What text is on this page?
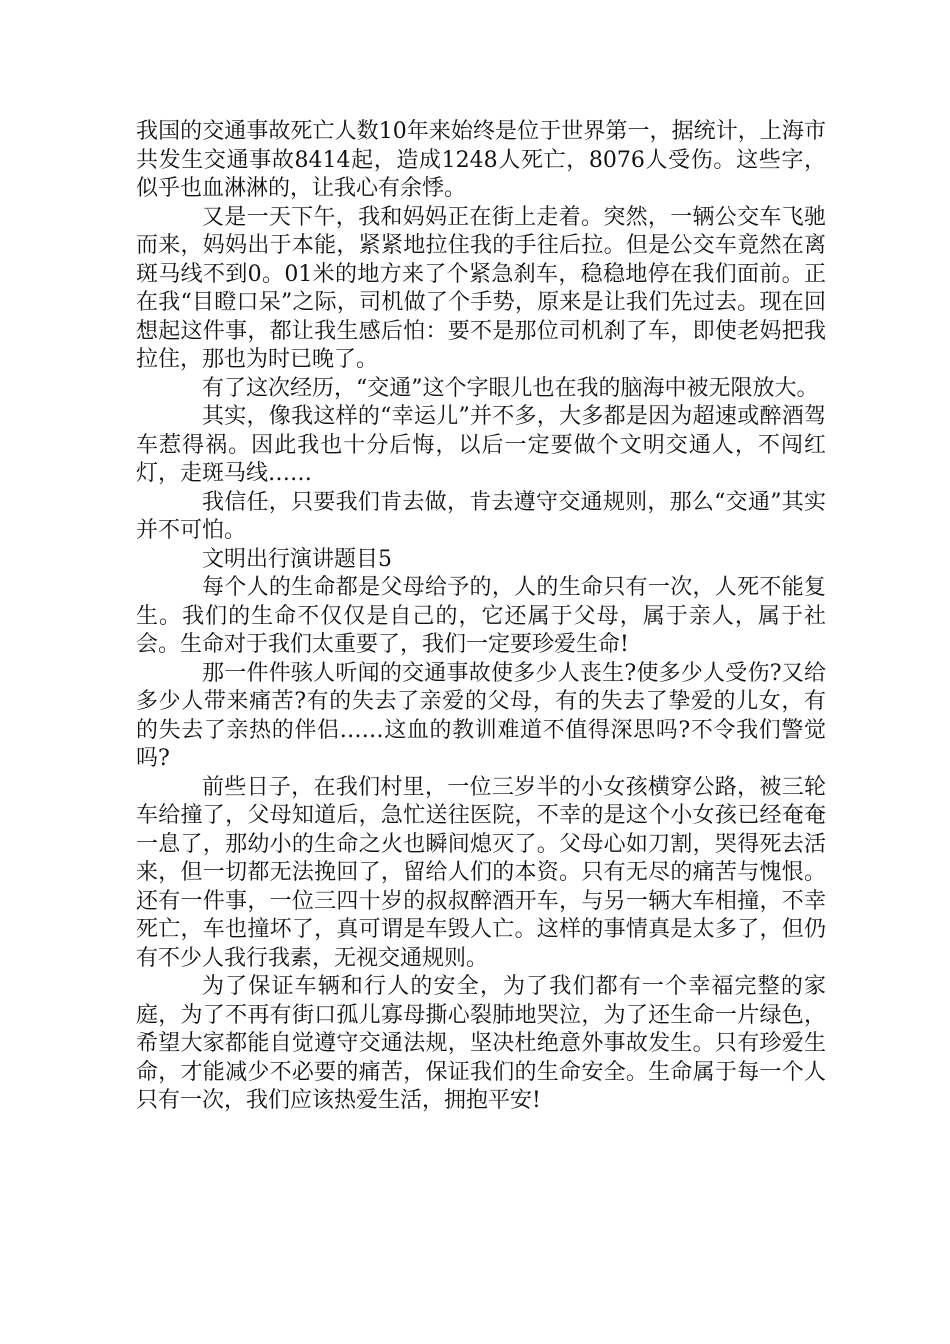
我国的交通事故死亡人数10年来始终是位于世界第一，据统计，上海市共发生交通事故8414起，造成1248人死亡，8076人受伤。这些字，似乎也血淋淋的，让我心有余悸。

又是一天下午，我和妈妈正在街上走着。突然，一辆公交车飞驰而来，妈妈出于本能，紧紧地拉住我的手往后拉。但是公交车竟然在离斑马线不到0。01米的地方来了个紧急刹车，稳稳地停在我们面前。正在我“目瞪口呆”之际，司机做了个手势，原来是让我们先过去。现在回想起这件事，都让我生感后怕：要不是那位司机刹了车，即使老妈把我拉住，那也为时已晚了。

有了这次经历，“交通”这个字眼儿也在我的脑海中被无限放大。

其实，像我这样的“幸运儿”并不多，大多都是因为超速或醉酒驾车惹得祸。因此我也十分后悔，以后一定要做个文明交通人，不闯红灯，走斑马线……

我信任，只要我们肯去做，肯去遵守交通规则，那么“交通”其实并不可怕。

文明出行演讲题目5

每个人的生命都是父母给予的，人的生命只有一次，人死不能复生。我们的生命不仅仅是自己的，它还属于父母，属于亲人，属于社会。生命对于我们太重要了，我们一定要珍爱生命!

那一件件骇人听闻的交通事故使多少人丧生?使多少人受伤?又给多少人带来痛苦?有的失去了亲爱的父母，有的失去了挚爱的儿女，有的失去了亲热的伴侣……这血的教训难道不值得深思吗?不令我们警觉吗?

前些日子，在我们村里，一位三岁半的小女孩横穿公路，被三轮车给撞了，父母知道后，急忙送往医院，不幸的是这个小女孩已经奄奄一息了，那幼小的生命之火也瞬间熄灭了。父母心如刀割，哭得死去活来，但一切都无法挽回了，留给人们的本资。只有无尽的痛苦与愧恨。还有一件事，一位三四十岁的叔叔醉酒开车，与另一辆大车相撞，不幸死亡，车也撞坏了，真可谓是车毁人亡。这样的事情真是太多了，但仍有不少人我行我素，无视交通规则。

为了保证车辆和行人的安全，为了我们都有一个幸福完整的家庭，为了不再有街口孤儿寡母撕心裂肺地哭泣，为了还生命一片绿色，希望大家都能自觉遵守交通法规，坚决杜绝意外事故发生。只有珍爱生命，才能减少不必要的痛苦，保证我们的生命安全。生命属于每一个人只有一次，我们应该热爱生活，拥抱平安!
